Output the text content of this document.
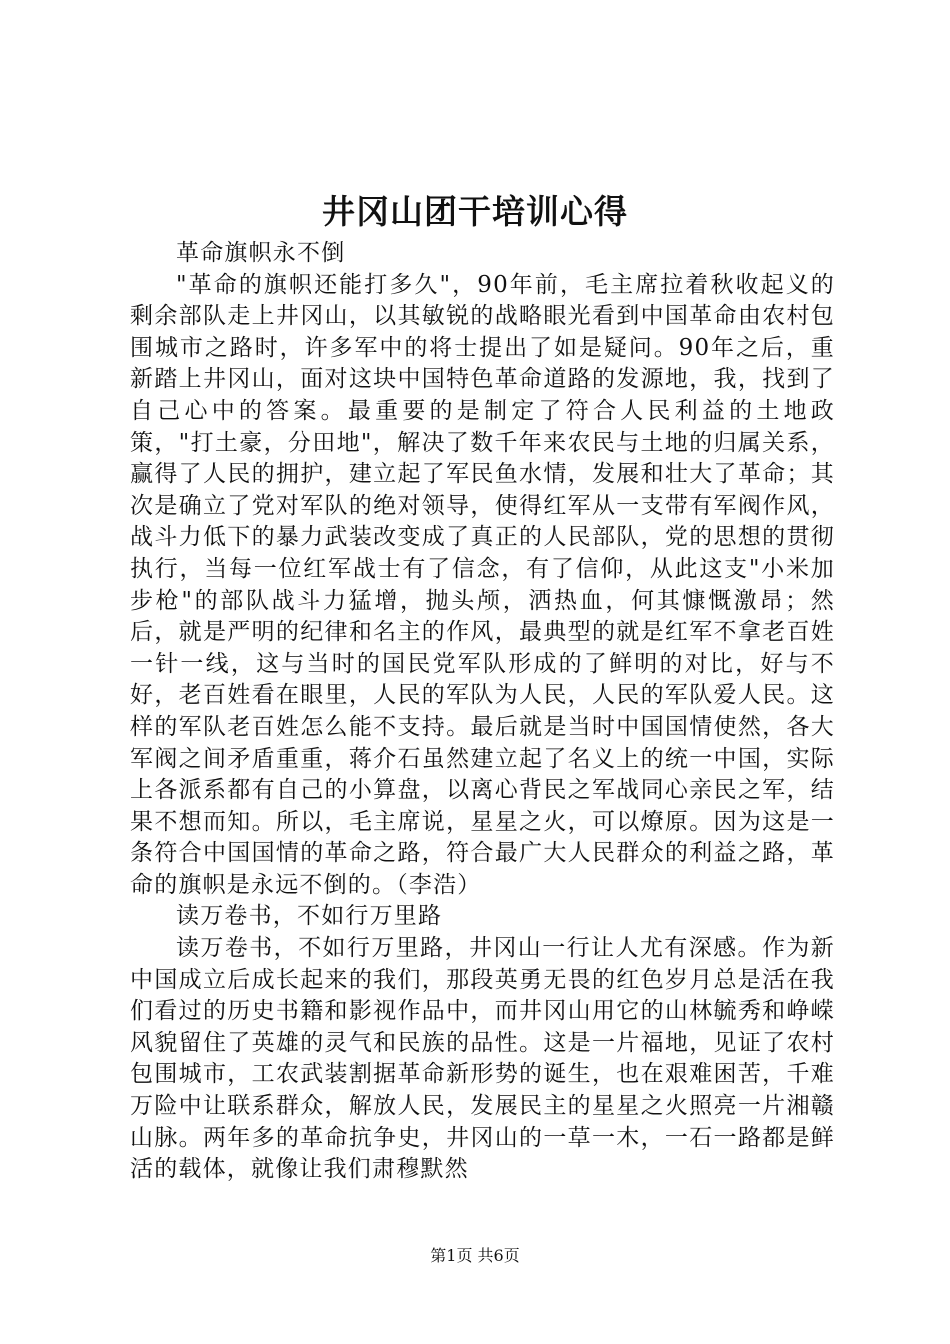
井冈山团干培训心得

革命旗帜永不倒

"革命的旗帜还能打多久"，90年前，毛主席拉着秋收起义的剩余部队走上井冈山，以其敏锐的战略眼光看到中国革命由农村包围城市之路时，许多军中的将士提出了如是疑问。90年之后，重新踏上井冈山，面对这块中国特色革命道路的发源地，我，找到了自己心中的答案。最重要的是制定了符合人民利益的土地政策，"打土豪，分田地"，解决了数千年来农民与土地的归属关系，赢得了人民的拥护，建立起了军民鱼水情，发展和壮大了革命；其次是确立了党对军队的绝对领导，使得红军从一支带有军阀作风，战斗力低下的暴力武装改变成了真正的人民部队，党的思想的贯彻执行，当每一位红军战士有了信念，有了信仰，从此这支"小米加步枪"的部队战斗力猛增，抛头颅，洒热血，何其慷慨激昂；然后，就是严明的纪律和名主的作风，最典型的就是红军不拿老百姓一针一线，这与当时的国民党军队形成的了鲜明的对比，好与不好，老百姓看在眼里，人民的军队为人民，人民的军队爱人民。这样的军队老百姓怎么能不支持。最后就是当时中国国情使然，各大军阀之间矛盾重重，蒋介石虽然建立起了名义上的统一中国，实际上各派系都有自己的小算盘，以离心背民之军战同心亲民之军，结果不想而知。所以，毛主席说，星星之火，可以燎原。因为这是一条符合中国国情的革命之路，符合最广大人民群众的利益之路，革命的旗帜是永远不倒的。（李浩）

读万卷书，不如行万里路

读万卷书，不如行万里路，井冈山一行让人尤有深感。作为新中国成立后成长起来的我们，那段英勇无畏的红色岁月总是活在我们看过的历史书籍和影视作品中，而井冈山用它的山林毓秀和峥嵘风貌留住了英雄的灵气和民族的品性。这是一片福地，见证了农村包围城市，工农武装割据革命新形势的诞生，也在艰难困苦，千难万险中让联系群众，解放人民，发展民主的星星之火照亮一片湘赣山脉。两年多的革命抗争史，井冈山的一草一木，一石一路都是鲜活的载体，就像让我们肃穆默然

第1页 共6页
